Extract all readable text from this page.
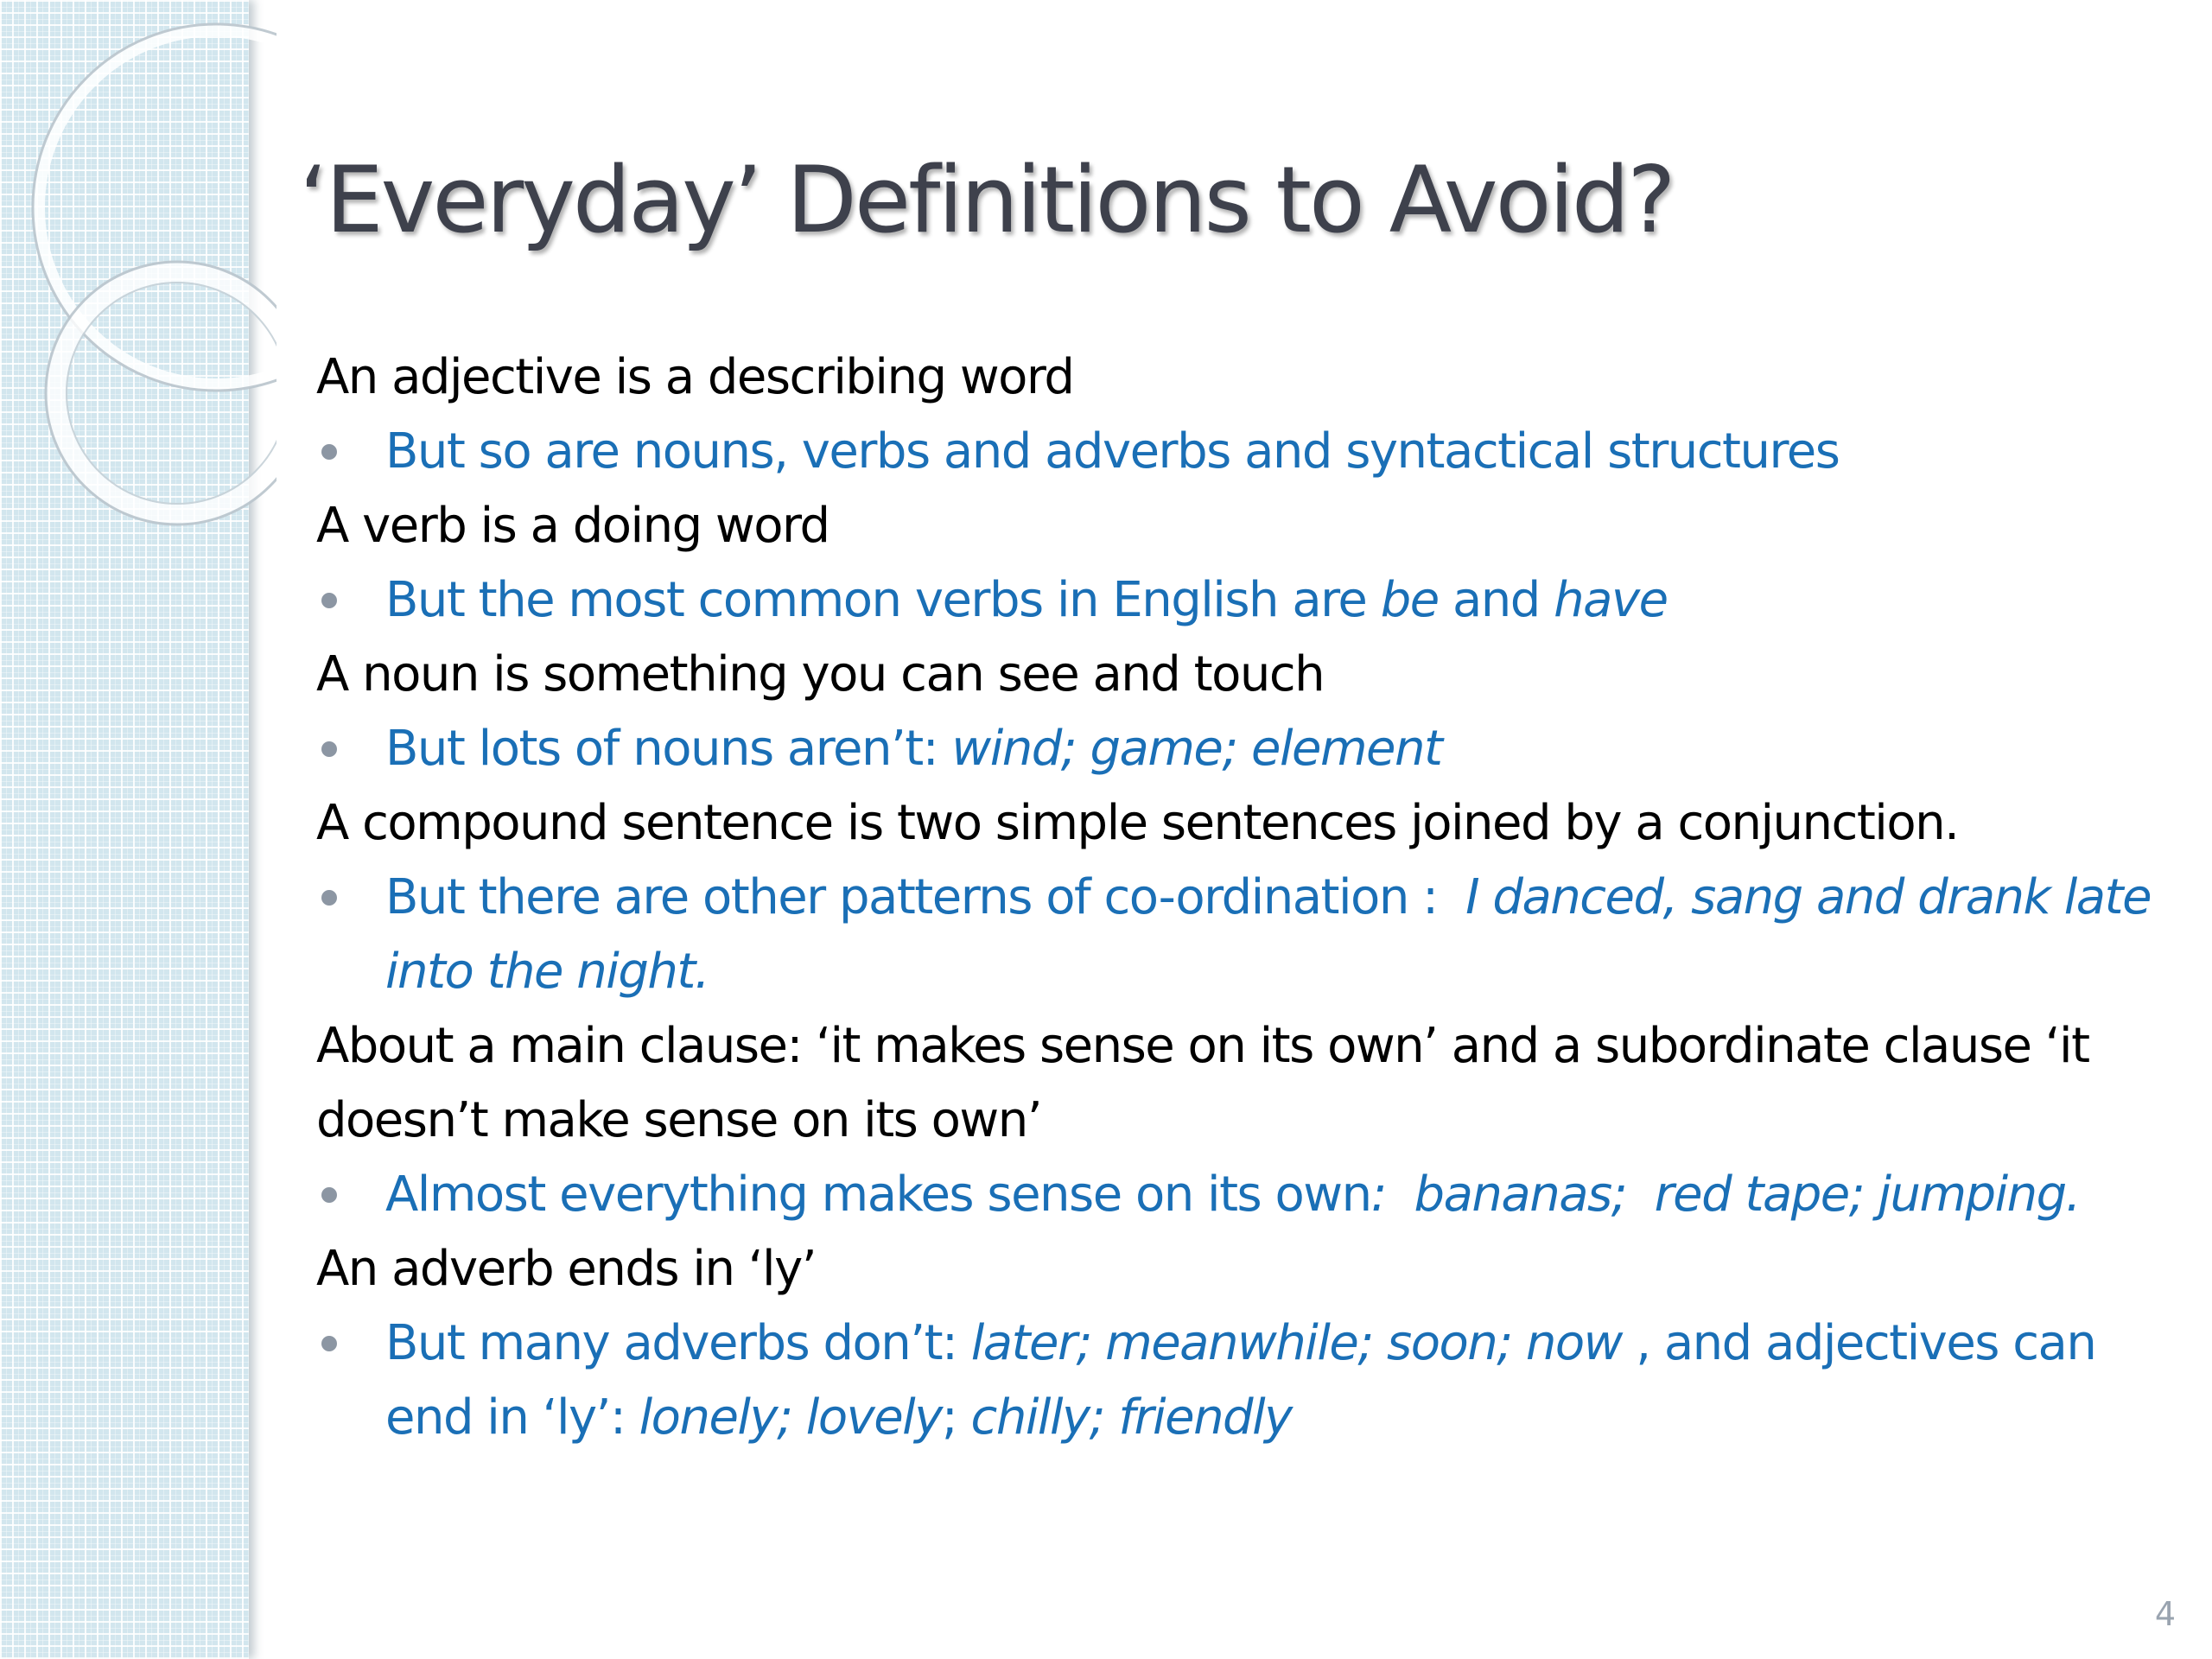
‘Everyday’ Definitions to Avoid?
An adjective is a describing word
But so are nouns, verbs and adverbs and syntactical structures
A verb is a doing word
But the most common verbs in English are be and have
A noun is something you can see and touch
But lots of nouns aren’t: wind; game; element
A compound sentence is two simple sentences joined by a conjunction.
But there are other patterns of co-ordination :  I danced, sang and drank late into the night.
About a main clause: ‘it makes sense on its own’ and a subordinate clause ‘it doesn’t make sense on its own’
Almost everything makes sense on its own:  bananas;  red tape; jumping.
An adverb ends in ‘ly’
But many adverbs don’t: later; meanwhile; soon; now , and adjectives can end in ‘ly’: lonely; lovely; chilly; friendly
4
